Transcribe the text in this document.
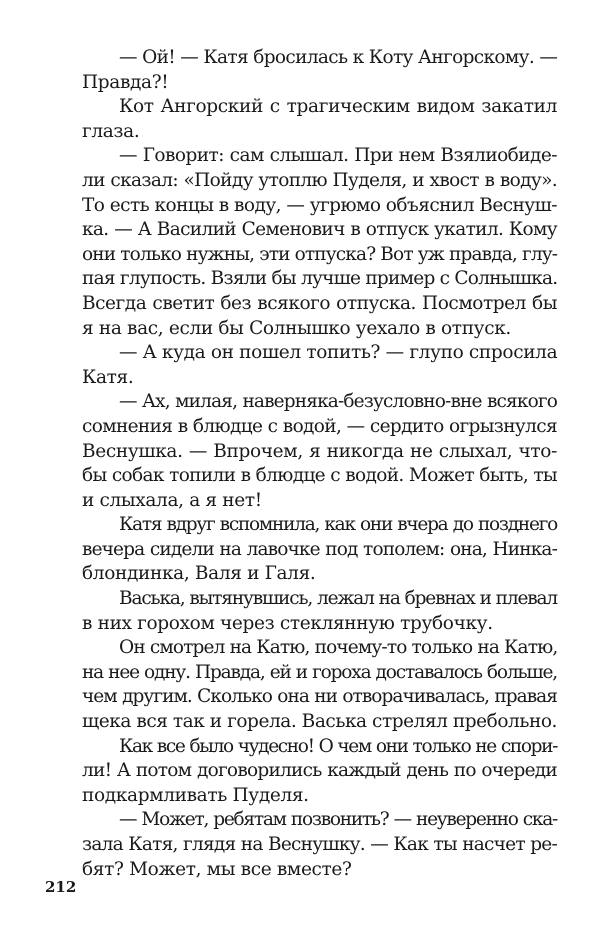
— Ой! — Катя бросилась к Коту Ангорскому. —
Правда?!
Кот Ангорский с трагическим видом закатил
глаза.
— Говорит: сам слышал. При нем Взялиобиде-
ли сказал: «Пойду утоплю Пуделя, и хвост в воду».
То есть концы в воду, — угрюмо объяснил Веснуш-
ка. — А Василий Семенович в отпуск укатил. Кому
они только нужны, эти отпуска? Вот уж правда, глу-
пая глупость. Взяли бы лучше пример с Солнышка.
Всегда светит без всякого отпуска. Посмотрел бы
я на вас, если бы Солнышко уехало в отпуск.
— А куда он пошел топить? — глупо спросила
Катя.
— Ах, милая, наверняка-безусловно-вне всякого
сомнения в блюдце с водой, — сердито огрызнулся
Веснушка. — Впрочем, я никогда не слыхал, что-
бы собак топили в блюдце с водой. Может быть, ты
и слыхала, а я нет!
Катя вдруг вспомнила, как они вчера до позднего
вечера сидели на лавочке под тополем: она, Нинка-
блондинка, Валя и Галя.
Васька, вытянувшись, лежал на бревнах и плевал
в них горохом через стеклянную трубочку.
Он смотрел на Катю, почему-то только на Катю,
на нее одну. Правда, ей и гороха доставалось больше,
чем другим. Сколько она ни отворачивалась, правая
щека вся так и горела. Васька стрелял пребольно.
Как все было чудесно! О чем они только не спори-
ли! А потом договорились каждый день по очереди
подкармливать Пуделя.
— Может, ребятам позвонить? — неуверенно ска-
зала Катя, глядя на Веснушку. — Как ты насчет ре-
бят? Может, мы все вместе?
212
